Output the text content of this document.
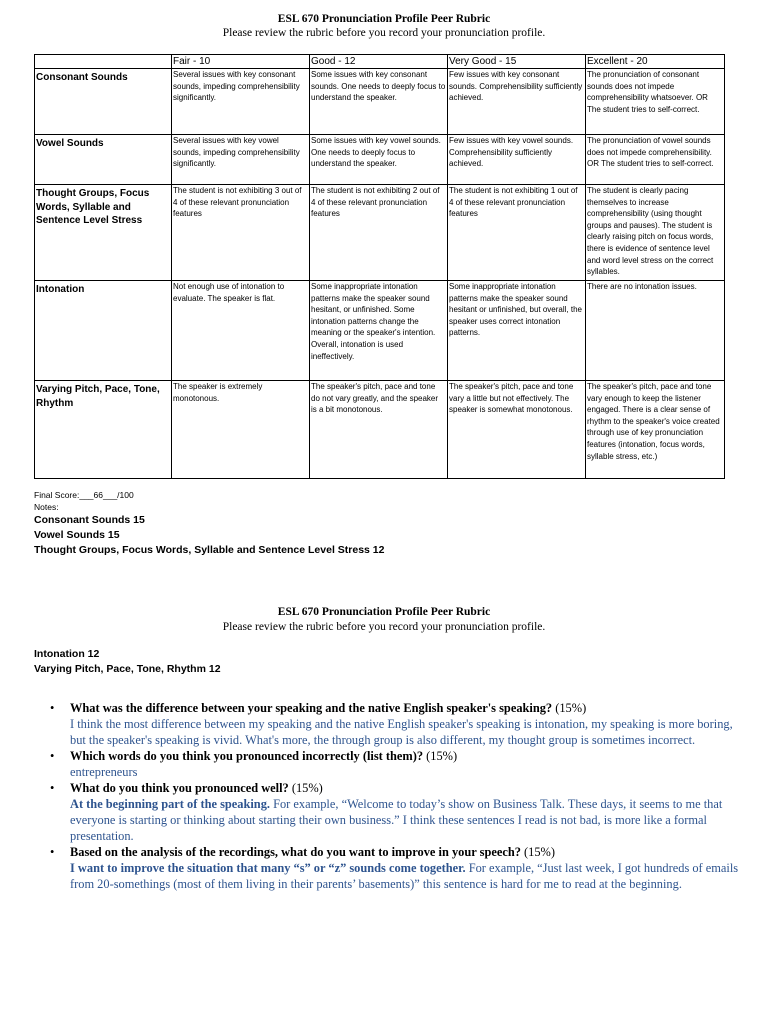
ESL 670 Pronunciation Profile Peer Rubric
Please review the rubric before you record your pronunciation profile.
	Fair - 10	Good - 12	Very Good - 15	Excellent - 20
Consonant Sounds	Several issues with key consonant sounds, impeding comprehensibility significantly.	Some issues with key consonant sounds. One needs to deeply focus to understand the speaker.	Few issues with key consonant sounds. Comprehensibility sufficiently achieved.	The pronunciation of consonant sounds does not impede comprehensibility whatsoever. OR The student tries to self-correct.
Vowel Sounds	Several issues with key vowel sounds, impeding comprehensibility significantly.	Some issues with key vowel sounds. One needs to deeply focus to understand the speaker.	Few issues with key vowel sounds. Comprehensibility sufficiently achieved.	The pronunciation of vowel sounds does not impede comprehensibility. OR The student tries to self-correct.
Thought Groups, Focus Words, Syllable and Sentence Level Stress	The student is not exhibiting 3 out of 4 of these relevant pronunciation features	The student is not exhibiting 2 out of 4 of these relevant pronunciation features	The student is not exhibiting 1 out of 4 of these relevant pronunciation features	The student is clearly pacing themselves to increase comprehensibility (using thought groups and pauses). The student is clearly raising pitch on focus words, there is evidence of sentence level and word level stress on the correct syllables.
Intonation	Not enough use of intonation to evaluate. The speaker is flat.	Some inappropriate intonation patterns make the speaker sound hesitant, or unfinished. Some intonation patterns change the meaning or the speaker's intention. Overall, intonation is used ineffectively.	Some inappropriate intonation patterns make the speaker sound hesitant or unfinished, but overall, the speaker uses correct intonation patterns.	There are no intonation issues.
Varying Pitch, Pace, Tone, Rhythm	The speaker is extremely monotonous.	The speaker's pitch, pace and tone do not vary greatly, and the speaker is a bit monotonous.	The speaker's pitch, pace and tone vary a little but not effectively. The speaker is somewhat monotonous.	The speaker's pitch, pace and tone vary enough to keep the listener engaged. There is a clear sense of rhythm to the speaker's voice created through use of key pronunciation features (intonation, focus words, syllable stress, etc.)
Final Score:___66___/100
Notes:
Consonant Sounds 15
Vowel Sounds 15
Thought Groups, Focus Words, Syllable and Sentence Level Stress 12
ESL 670 Pronunciation Profile Peer Rubric
Please review the rubric before you record your pronunciation profile.
Intonation 12
Varying Pitch, Pace, Tone, Rhythm 12
• What was the difference between your speaking and the native English speaker's speaking? (15%)
I think the most difference between my speaking and the native English speaker's speaking is intonation, my speaking is more boring, but the speaker's speaking is vivid. What's more, the through group is also different, my thought group is sometimes incorrect.
• Which words do you think you pronounced incorrectly (list them)? (15%)
entrepreneurs
• What do you think you pronounced well? (15%)
At the beginning part of the speaking. For example, “Welcome to today’s show on Business Talk. These days, it seems to me that everyone is starting or thinking about starting their own business.” I think these sentences I read is not bad, is more like a formal presentation.
• Based on the analysis of the recordings, what do you want to improve in your speech? (15%)
I want to improve the situation that many “s” or “z” sounds come together. For example, “Just last week, I got hundreds of emails from 20-somethings (most of them living in their parents’ basements)” this sentence is hard for me to read at the beginning.
